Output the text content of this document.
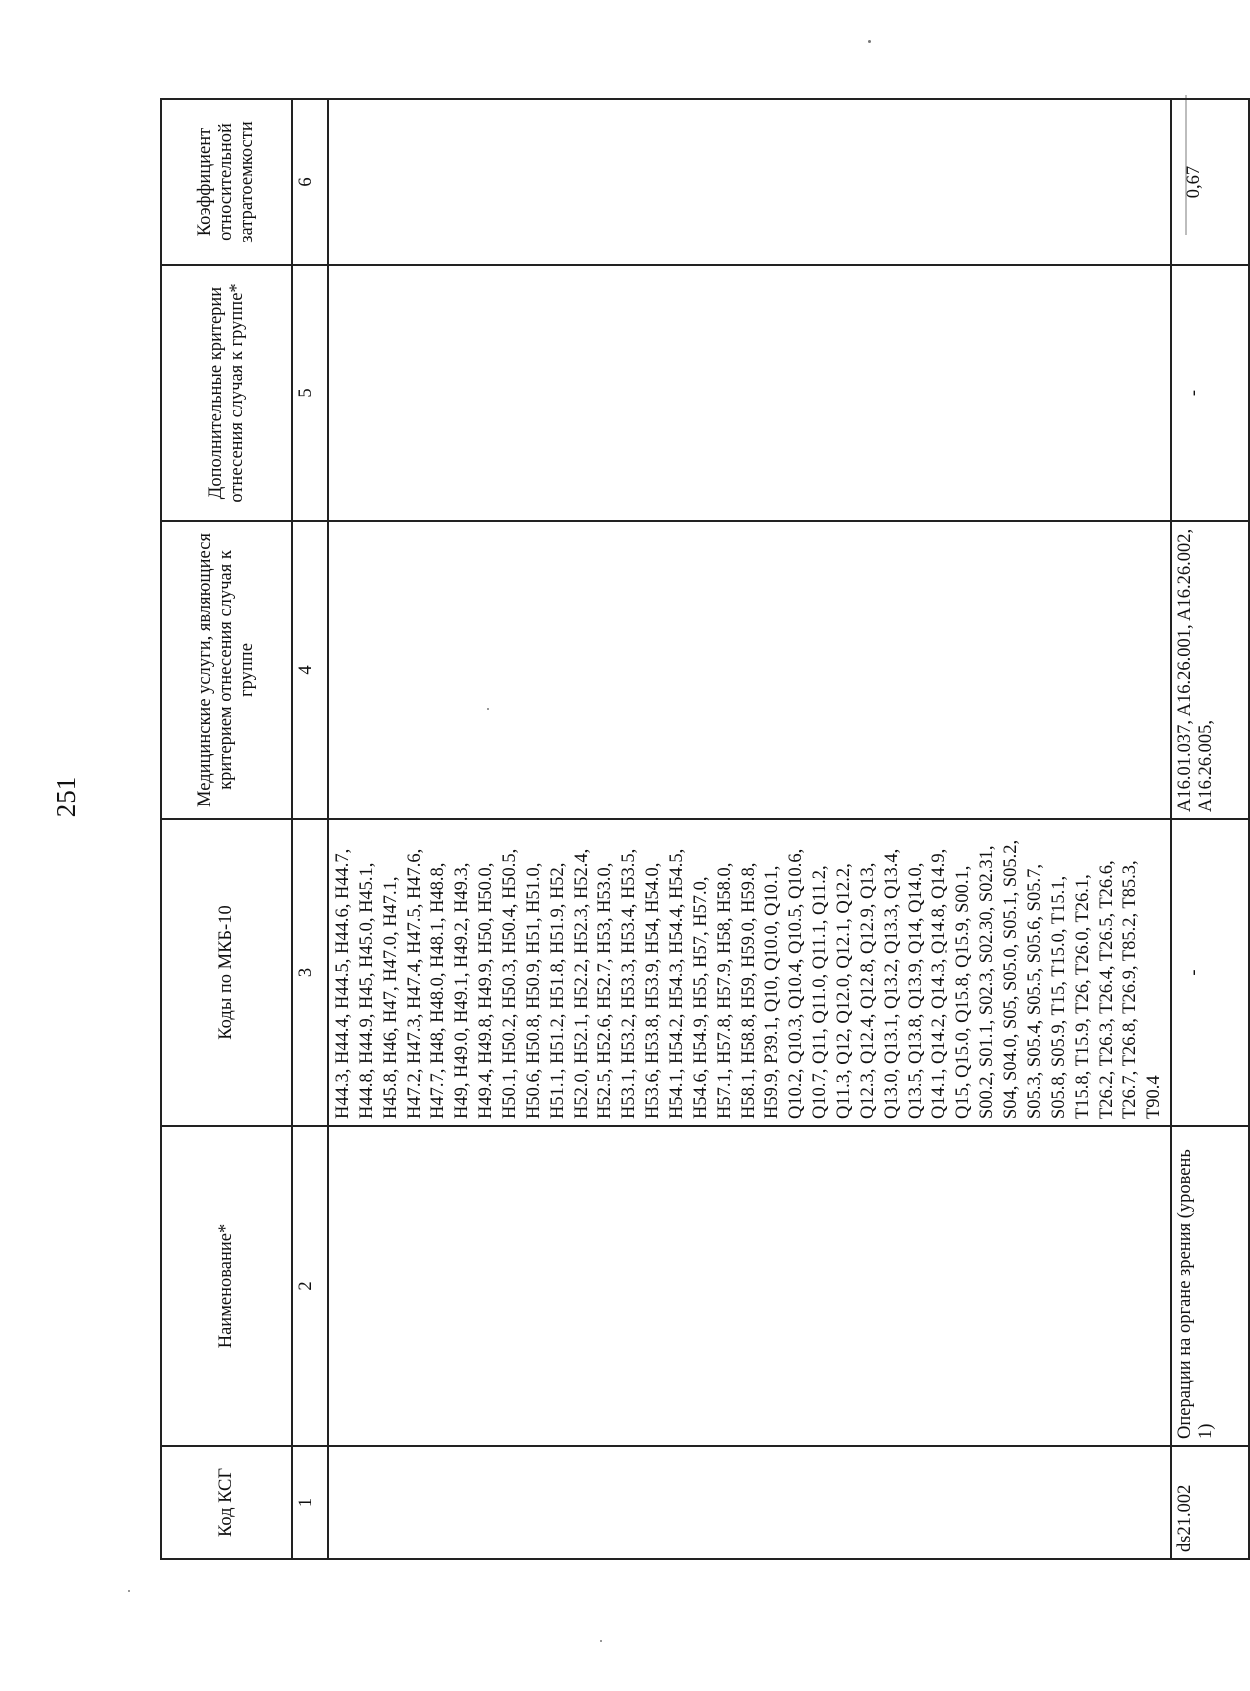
251
Код КСГ	Наименование*	Коды по МКБ-10	Медицинские услуги, являющиеся критерием отнесения случая к группе	Дополнительные критерии отнесения случая к группе*	Коэффициент относительной затратоемкости
1	2	3	4	5	6
		H44.3, H44.4, H44.5, H44.6, H44.7, H44.8, H44.9, H45, H45.0, H45.1, H45.8, H46, H47, H47.0, H47.1, H47.2, H47.3, H47.4, H47.5, H47.6, H47.7, H48, H48.0, H48.1, H48.8, H49, H49.0, H49.1, H49.2, H49.3, H49.4, H49.8, H49.9, H50, H50.0, H50.1, H50.2, H50.3, H50.4, H50.5, H50.6, H50.8, H50.9, H51, H51.0, H51.1, H51.2, H51.8, H51.9, H52, H52.0, H52.1, H52.2, H52.3, H52.4, H52.5, H52.6, H52.7, H53, H53.0, H53.1, H53.2, H53.3, H53.4, H53.5, H53.6, H53.8, H53.9, H54, H54.0, H54.1, H54.2, H54.3, H54.4, H54.5, H54.6, H54.9, H55, H57, H57.0, H57.1, H57.8, H57.9, H58, H58.0, H58.1, H58.8, H59, H59.0, H59.8, H59.9, P39.1, Q10, Q10.0, Q10.1, Q10.2, Q10.3, Q10.4, Q10.5, Q10.6, Q10.7, Q11, Q11.0, Q11.1, Q11.2, Q11.3, Q12, Q12.0, Q12.1, Q12.2, Q12.3, Q12.4, Q12.8, Q12.9, Q13, Q13.0, Q13.1, Q13.2, Q13.3, Q13.4, Q13.5, Q13.8, Q13.9, Q14, Q14.0, Q14.1, Q14.2, Q14.3, Q14.8, Q14.9, Q15, Q15.0, Q15.8, Q15.9, S00.1, S00.2, S01.1, S02.3, S02.30, S02.31, S04, S04.0, S05, S05.0, S05.1, S05.2, S05.3, S05.4, S05.5, S05.6, S05.7, S05.8, S05.9, T15, T15.0, T15.1, T15.8, T15.9, T26, T26.0, T26.1, T26.2, T26.3, T26.4, T26.5, T26.6, T26.7, T26.8, T26.9, T85.2, T85.3, T90.4			
ds21.002	Операции на органе зрения (уровень 1)	-	A16.01.037, A16.26.001, A16.26.002, A16.26.005,	-	0,67
